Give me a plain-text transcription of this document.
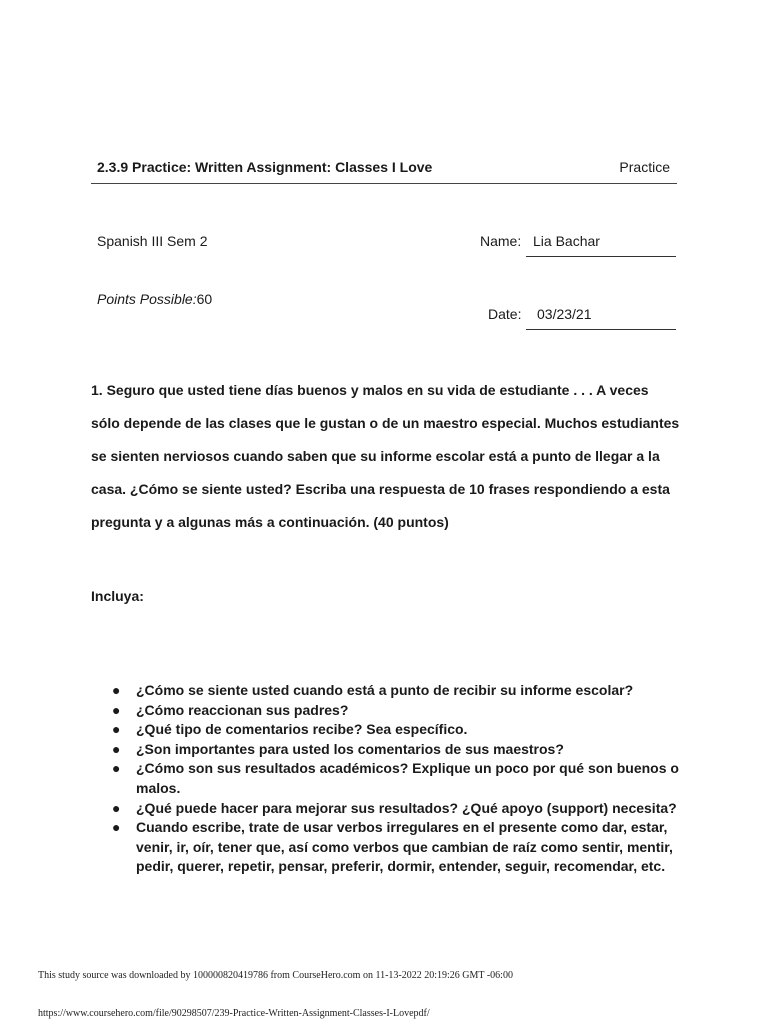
2.3.9 Practice: Written Assignment: Classes I Love	Practice
Spanish III Sem 2	Name: Lia Bachar
Points Possible:60
Date: 03/23/21
1. Seguro que usted tiene días buenos y malos en su vida de estudiante . . . A veces sólo depende de las clases que le gustan o de un maestro especial. Muchos estudiantes se sienten nerviosos cuando saben que su informe escolar está a punto de llegar a la casa. ¿Cómo se siente usted? Escriba una respuesta de 10 frases respondiendo a esta pregunta y a algunas más a continuación. (40 puntos)
Incluya:
● ¿Cómo se siente usted cuando está a punto de recibir su informe escolar?
● ¿Cómo reaccionan sus padres?
● ¿Qué tipo de comentarios recibe? Sea específico.
● ¿Son importantes para usted los comentarios de sus maestros?
● ¿Cómo son sus resultados académicos? Explique un poco por qué son buenos o malos.
● ¿Qué puede hacer para mejorar sus resultados? ¿Qué apoyo (support) necesita?
● Cuando escribe, trate de usar verbos irregulares en el presente como dar, estar, venir, ir, oír, tener que, así como verbos que cambian de raíz como sentir, mentir, pedir, querer, repetir, pensar, preferir, dormir, entender, seguir, recomendar, etc.
This study source was downloaded by 100000820419786 from CourseHero.com on 11-13-2022 20:19:26 GMT -06:00
https://www.coursehero.com/file/90298507/239-Practice-Written-Assignment-Classes-I-Lovepdf/
